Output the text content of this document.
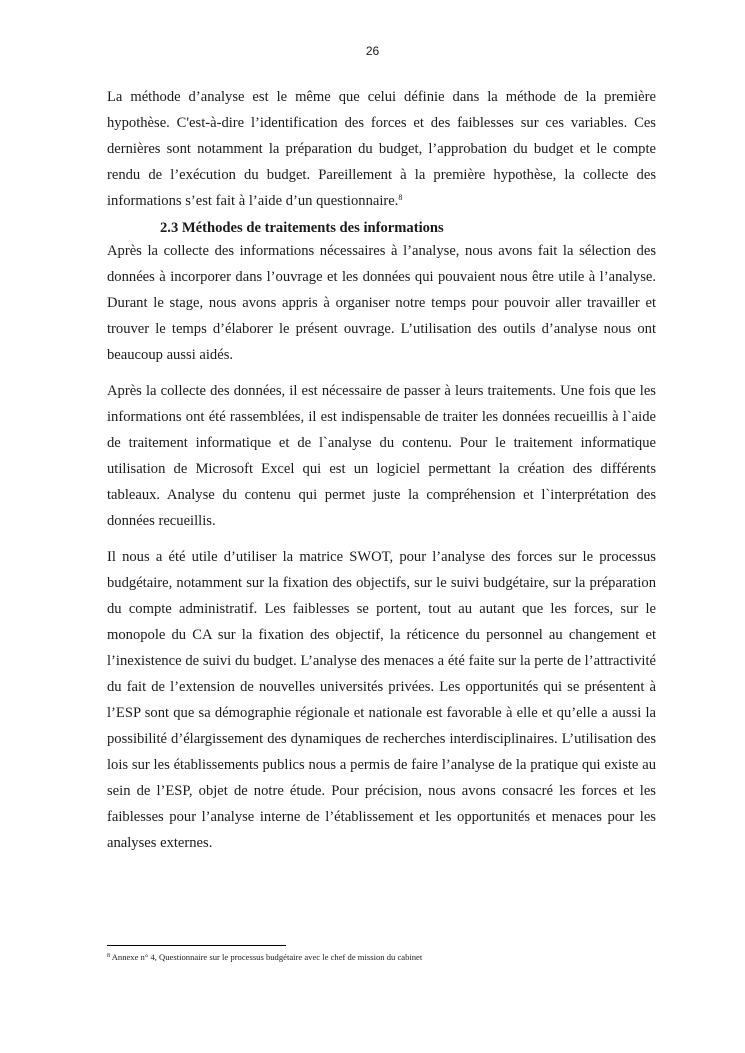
26

La méthode d’analyse est le même que celui définie dans la méthode de la première hypothèse. C'est-à-dire l’identification des forces et des faiblesses sur ces variables. Ces dernières sont notamment la préparation du budget, l’approbation du budget et le compte rendu de l’exécution du budget. Pareillement à la première hypothèse, la collecte des informations s’est fait à l’aide d’un questionnaire.$^8$

2.3 Méthodes de traitements des informations

Après la collecte des informations nécessaires à l’analyse, nous avons fait la sélection des données à incorporer dans l’ouvrage et les données qui pouvaient nous être utile à l’analyse. Durant le stage, nous avons appris à organiser notre temps pour pouvoir aller travailler et trouver le temps d’élaborer le présent ouvrage. L’utilisation des outils d’analyse nous ont beaucoup aussi aidés.

Après la collecte des données, il est nécessaire de passer à leurs traitements. Une fois que les informations ont été rassemblées, il est indispensable de traiter les données recueillis à l`aide de traitement informatique et de l`analyse du contenu. Pour le traitement informatique utilisation de Microsoft Excel qui est un logiciel permettant la création des différents tableaux. Analyse du contenu qui permet juste la compréhension et l`interprétation des données recueillis.

Il nous a été utile d’utiliser la matrice SWOT, pour l’analyse des forces sur le processus budgétaire, notamment sur la fixation des objectifs, sur le suivi budgétaire, sur la préparation du compte administratif. Les faiblesses se portent, tout au autant que les forces, sur le monopole du CA sur la fixation des objectif, la réticence du personnel au changement et l’inexistence de suivi du budget. L’analyse des menaces a été faite sur la perte de l’attractivité du fait de l’extension de nouvelles universités privées. Les opportunités qui se présentent à l’ESP sont que sa démographie régionale et nationale est favorable à elle et qu’elle a aussi la possibilité d’élargissement des dynamiques de recherches interdisciplinaires. L’utilisation des lois sur les établissements publics nous a permis de faire l’analyse de la pratique qui existe au sein de l’ESP, objet de notre étude. Pour précision, nous avons consacré les forces et les faiblesses pour l’analyse interne de l’établissement et les opportunités et menaces pour les analyses externes.

$^8$ Annexe n° 4, Questionnaire sur le processus budgétaire avec le chef de mission du cabinet
